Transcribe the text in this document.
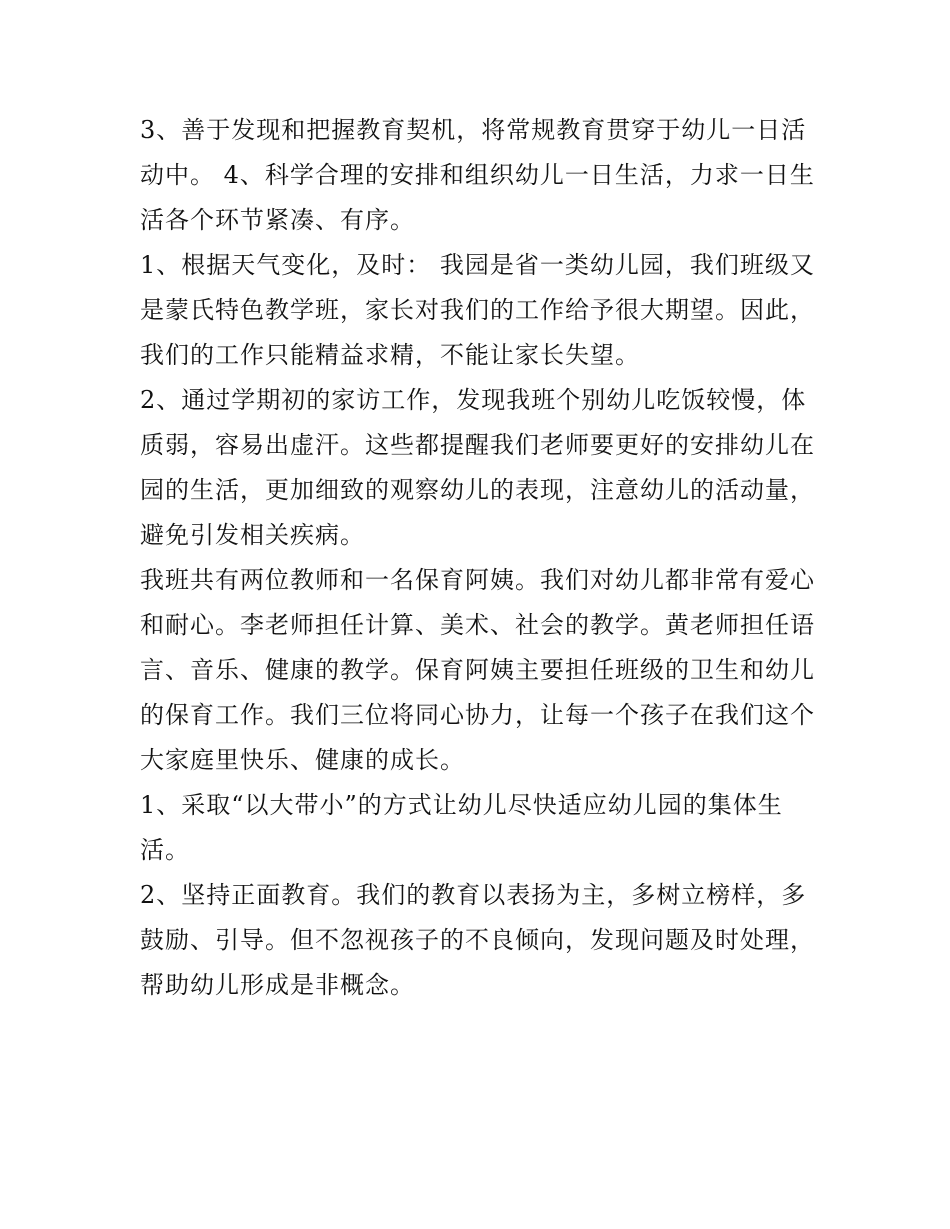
3、善于发现和把握教育契机，将常规教育贯穿于幼儿一日活
动中。 4、科学合理的安排和组织幼儿一日生活，力求一日生
活各个环节紧凑、有序。

1、根据天气变化，及时： 我园是省一类幼儿园，我们班级又
是蒙氏特色教学班，家长对我们的工作给予很大期望。因此，
我们的工作只能精益求精，不能让家长失望。

2、通过学期初的家访工作，发现我班个别幼儿吃饭较慢，体
质弱，容易出虚汗。这些都提醒我们老师要更好的安排幼儿在
园的生活，更加细致的观察幼儿的表现，注意幼儿的活动量，
避免引发相关疾病。

我班共有两位教师和一名保育阿姨。我们对幼儿都非常有爱心
和耐心。李老师担任计算、美术、社会的教学。黄老师担任语
言、音乐、健康的教学。保育阿姨主要担任班级的卫生和幼儿
的保育工作。我们三位将同心协力，让每一个孩子在我们这个
大家庭里快乐、健康的成长。

1、采取“以大带小”的方式让幼儿尽快适应幼儿园的集体生
活。

2、坚持正面教育。我们的教育以表扬为主，多树立榜样，多
鼓励、引导。但不忽视孩子的不良倾向，发现问题及时处理，
帮助幼儿形成是非概念。
